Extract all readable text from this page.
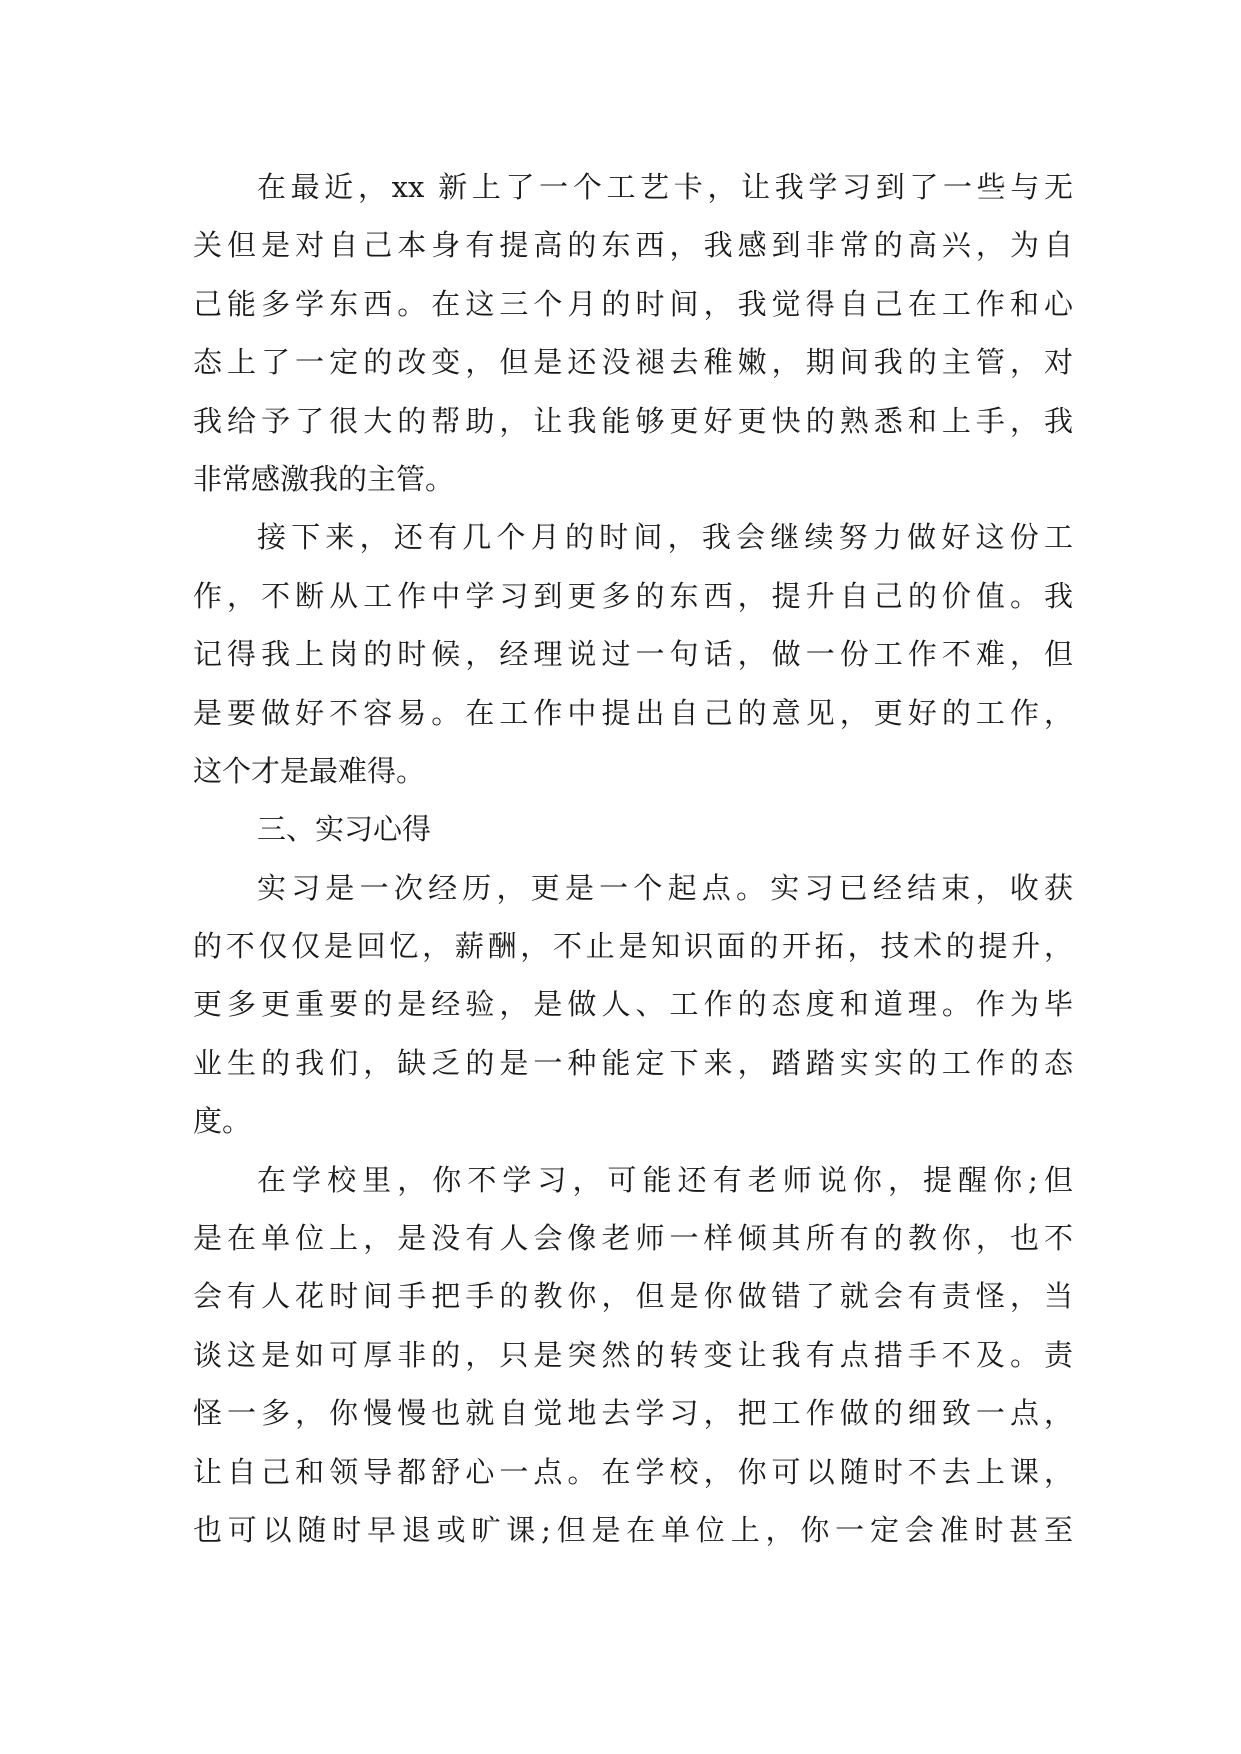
在最近，xx 新上了一个工艺卡，让我学习到了一些与无
关但是对自己本身有提高的东西，我感到非常的高兴，为自
己能多学东西。在这三个月的时间，我觉得自己在工作和心
态上了一定的改变，但是还没褪去稚嫩，期间我的主管，对
我给予了很大的帮助，让我能够更好更快的熟悉和上手，我
非常感激我的主管。
接下来，还有几个月的时间，我会继续努力做好这份工
作，不断从工作中学习到更多的东西，提升自己的价值。我
记得我上岗的时候，经理说过一句话，做一份工作不难，但
是要做好不容易。在工作中提出自己的意见，更好的工作，
这个才是最难得。
三、实习心得
实习是一次经历，更是一个起点。实习已经结束，收获
的不仅仅是回忆，薪酬，不止是知识面的开拓，技术的提升，
更多更重要的是经验，是做人、工作的态度和道理。作为毕
业生的我们，缺乏的是一种能定下来，踏踏实实的工作的态
度。
在学校里，你不学习，可能还有老师说你，提醒你;但
是在单位上，是没有人会像老师一样倾其所有的教你，也不
会有人花时间手把手的教你，但是你做错了就会有责怪，当
谈这是如可厚非的，只是突然的转变让我有点措手不及。责
怪一多，你慢慢也就自觉地去学习，把工作做的细致一点，
让自己和领导都舒心一点。在学校，你可以随时不去上课，
也可以随时早退或旷课;但是在单位上，你一定会准时甚至
